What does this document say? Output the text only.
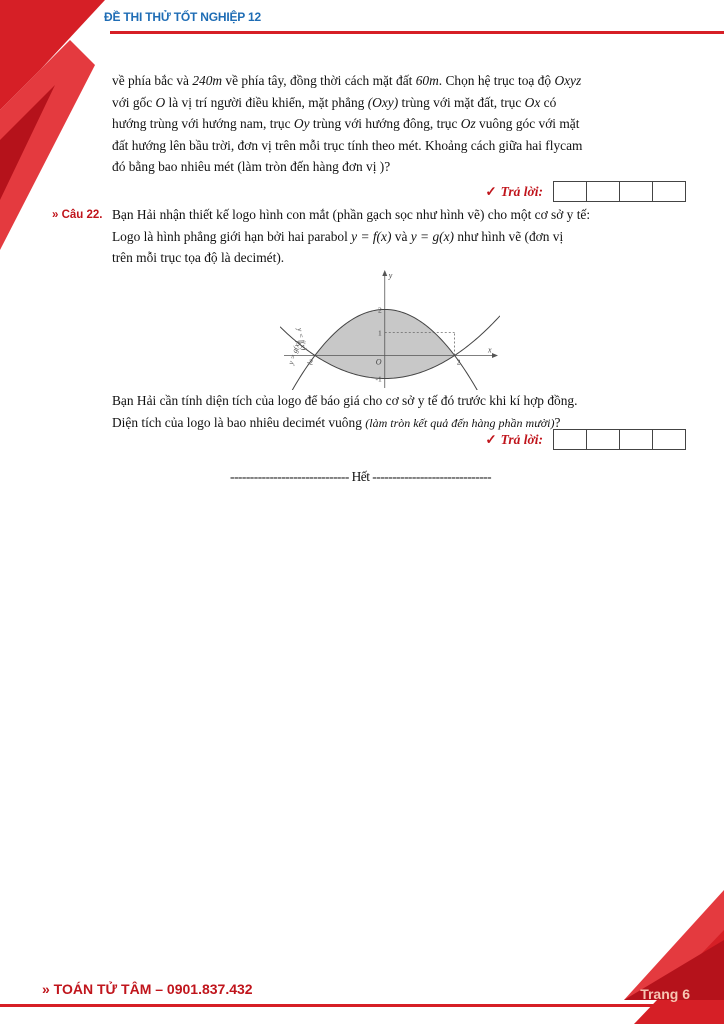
ĐỀ THI THỬ TỐT NGHIỆP 12

về phía bắc và 240m về phía tây, đồng thời cách mặt đất 60m. Chọn hệ trục toạ độ Oxyz

với gốc O là vị trí người điều khiển, mặt phẳng (Oxy) trùng với mặt đất, trục Ox có

hướng trùng với hướng nam, trục Oy trùng với hướng đông, trục Oz vuông góc với mặt

đất hướng lên bầu trời, đơn vị trên mỗi trục tính theo mét. Khoảng cách giữa hai flycam

đó bằng bao nhiêu mét (làm tròn đến hàng đơn vị )?

✓ Trả lời:
» Câu 22. Bạn Hải nhận thiết kế logo hình con mắt (phần gạch sọc như hình vẽ) cho một cơ sở y tế:

Logo là hình phẳng giới hạn bởi hai parabol y = f(x) và y = g(x) như hình vẽ (đơn vị

trên mỗi trục tọa độ là decimét).

-2	2
2
1
-1
x
y
O
y = f(x)
y = g(x)

Bạn Hải cần tính diện tích của logo để báo giá cho cơ sở y tế đó trước khi kí hợp đồng.

Diện tích của logo là bao nhiêu decimét vuông (làm tròn kết quả đến hàng phần mười)?

✓ Trả lời:
------------------------------ Hết ------------------------------
» TOÁN TỬ TÂM – 0901.837.432	Trang 6
